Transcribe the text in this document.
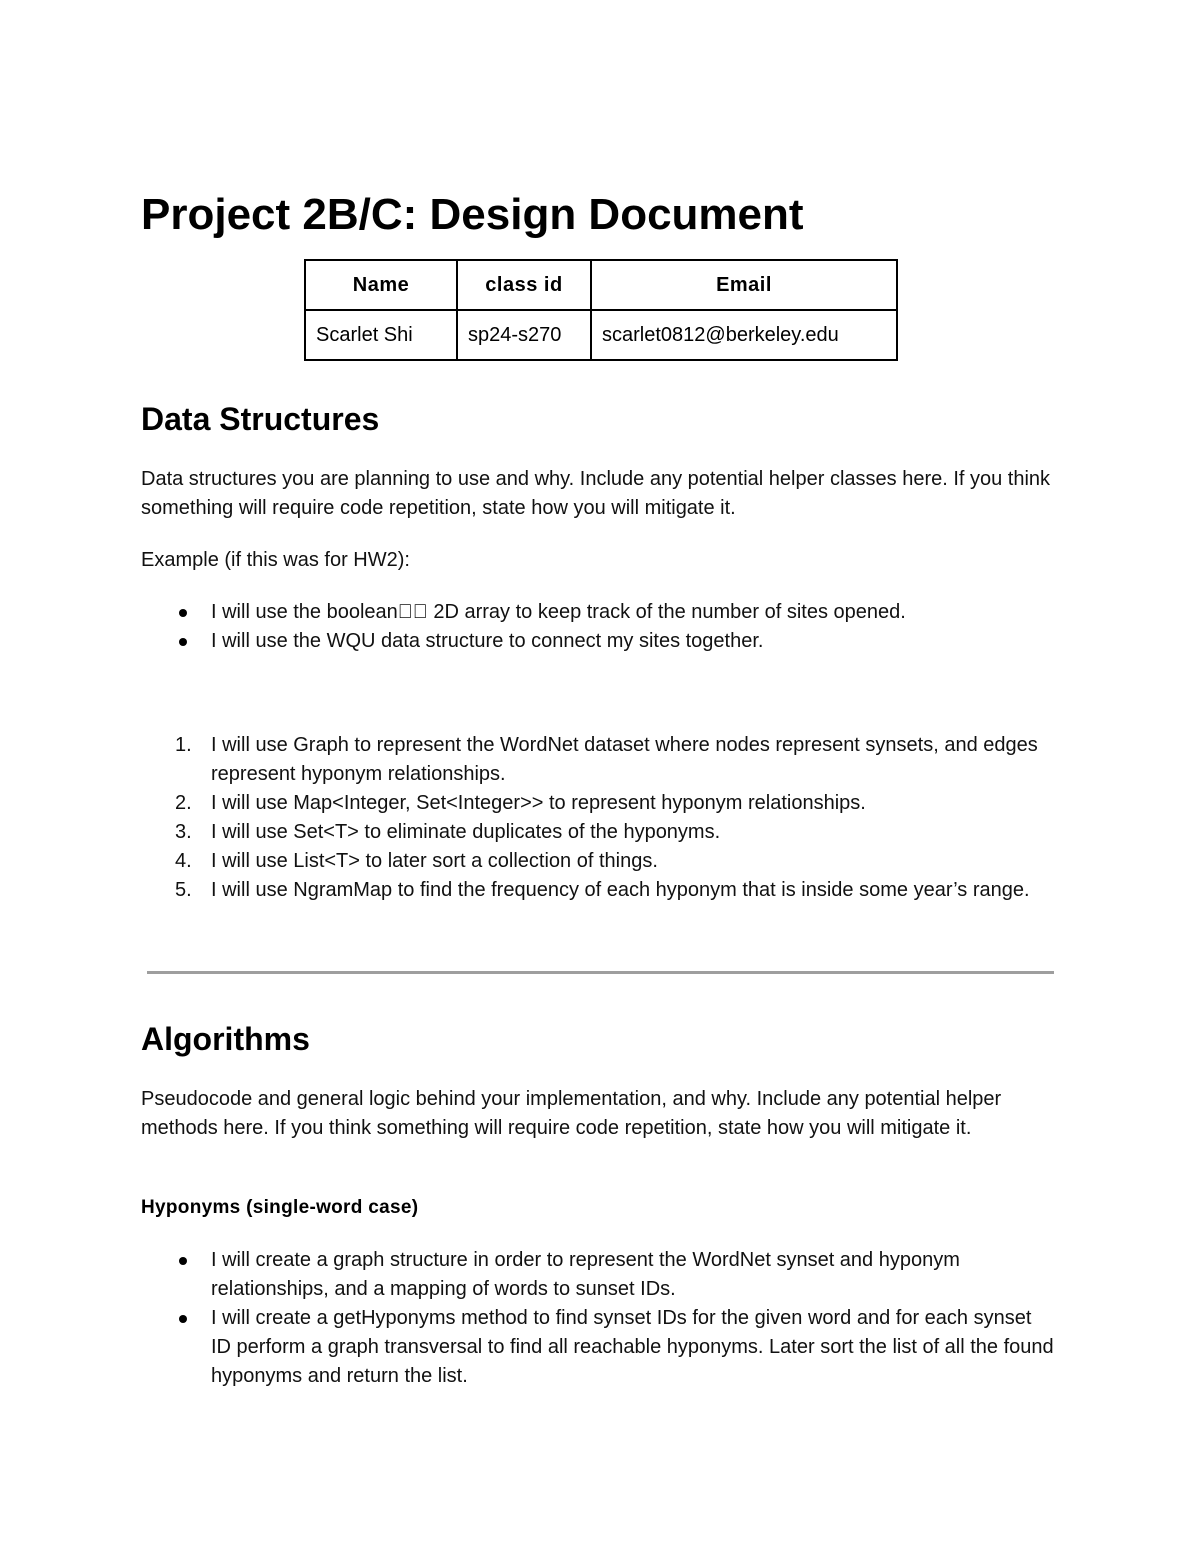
Project 2B/C: Design Document
Name	class id	Email
Scarlet Shi	sp24-s270	scarlet0812@berkeley.edu
Data Structures

Data structures you are planning to use and why. Include any potential helper classes here. If you think something will require code repetition, state how you will mitigate it.

Example (if this was for HW2):

I will use the boolean 2D array to keep track of the number of sites opened.
I will use the WQU data structure to connect my sites together.
1. I will use Graph to represent the WordNet dataset where nodes represent synsets, and edges represent hyponym relationships.
2. I will use Map<Integer, Set<Integer>> to represent hyponym relationships.
3. I will use Set<T> to eliminate duplicates of the hyponyms.
4. I will use List<T> to later sort a collection of things.
5. I will use NgramMap to find the frequency of each hyponym that is inside some year’s range.
Algorithms

Pseudocode and general logic behind your implementation, and why. Include any potential helper methods here. If you think something will require code repetition, state how you will mitigate it.

Hyponyms (single-word case)
I will create a graph structure in order to represent the WordNet synset and hyponym relationships, and a mapping of words to sunset IDs.
I will create a getHyponyms method to find synset IDs for the given word and for each synset ID perform a graph transversal to find all reachable hyponyms. Later sort the list of all the found hyponyms and return the list.
